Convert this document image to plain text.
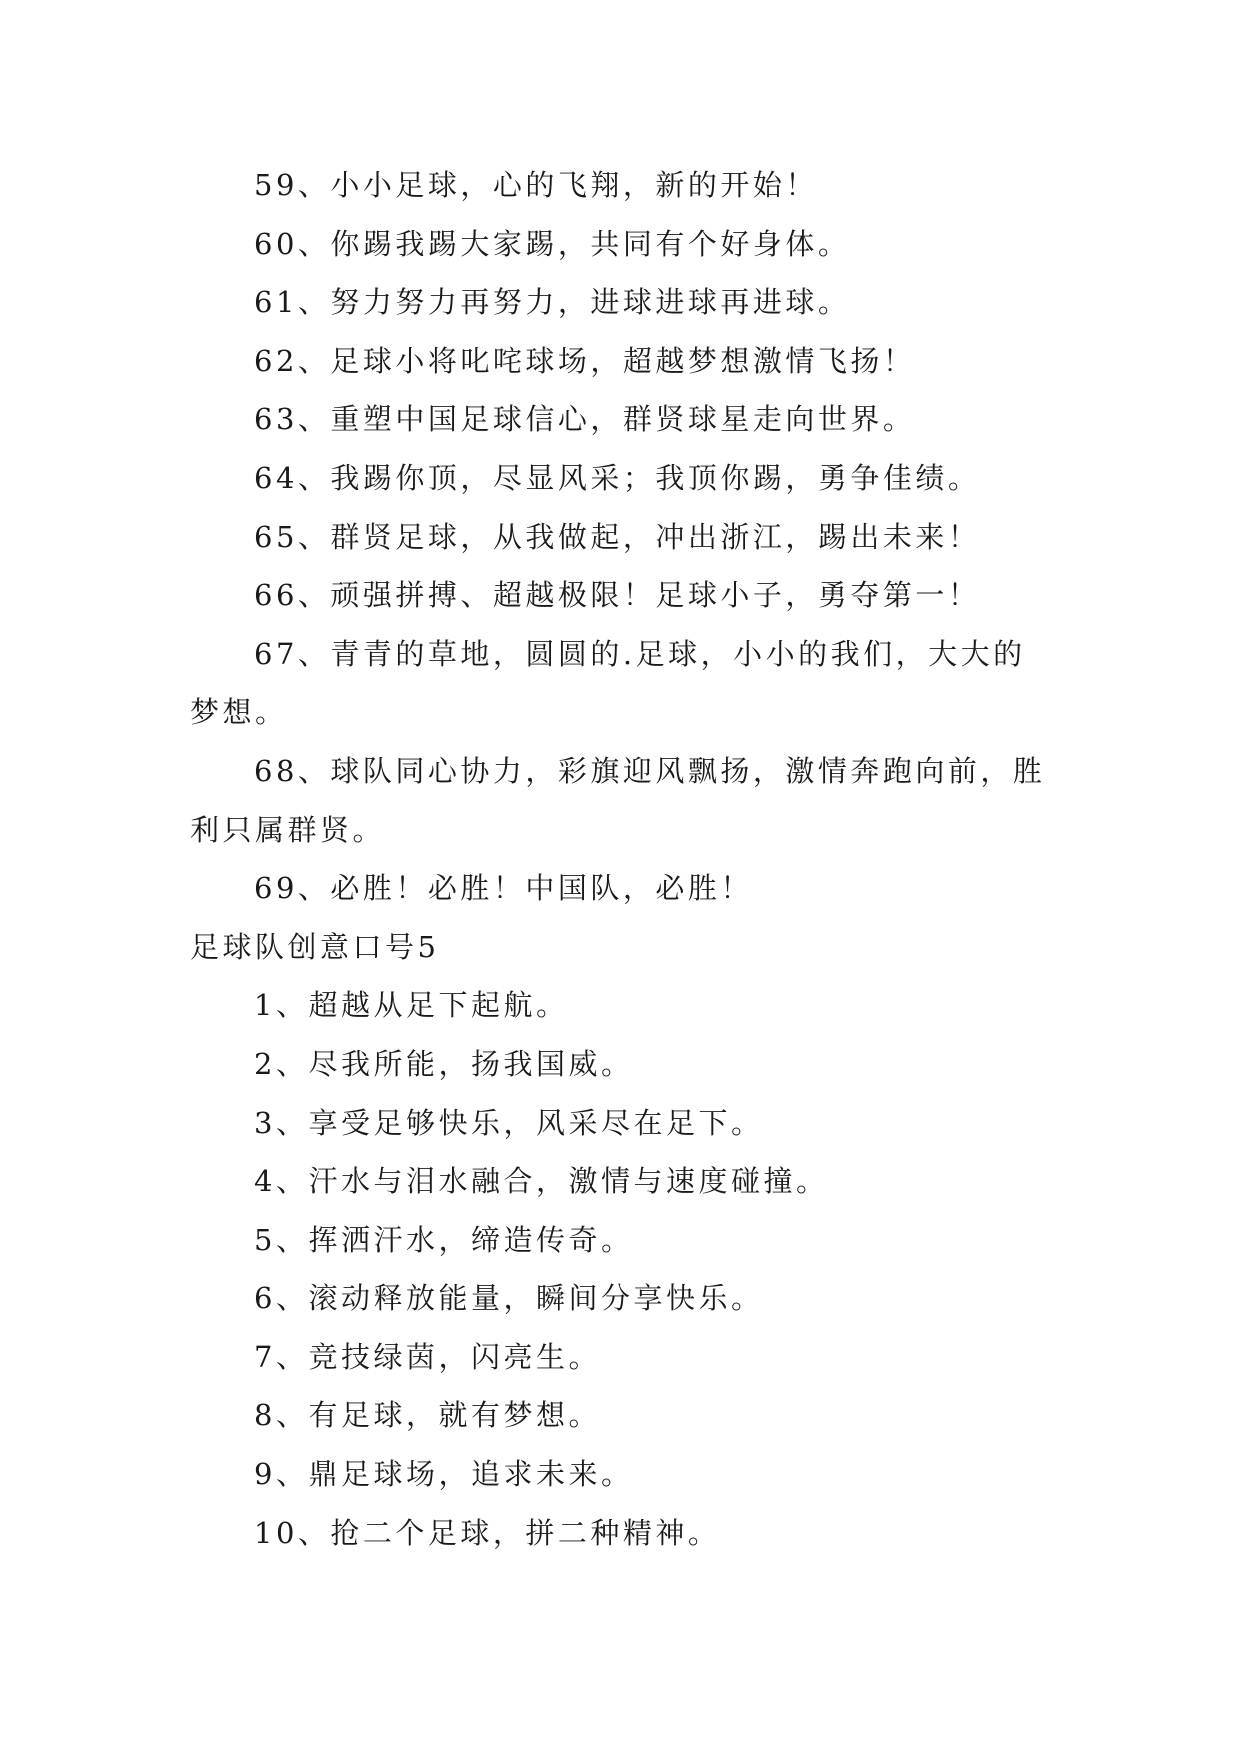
59、小小足球，心的飞翔，新的开始！
60、你踢我踢大家踢，共同有个好身体。
61、努力努力再努力，进球进球再进球。
62、足球小将叱咤球场，超越梦想激情飞扬！
63、重塑中国足球信心，群贤球星走向世界。
64、我踢你顶，尽显风采；我顶你踢，勇争佳绩。
65、群贤足球，从我做起，冲出浙江，踢出未来！
66、顽强拼搏、超越极限！足球小子，勇夺第一！
67、青青的草地，圆圆的.足球，小小的我们，大大的
梦想。
68、球队同心协力，彩旗迎风飘扬，激情奔跑向前，胜
利只属群贤。
69、必胜！必胜！中国队，必胜！
足球队创意口号5
1、超越从足下起航。
2、尽我所能，扬我国威。
3、享受足够快乐，风采尽在足下。
4、汗水与泪水融合，激情与速度碰撞。
5、挥洒汗水，缔造传奇。
6、滚动释放能量，瞬间分享快乐。
7、竞技绿茵，闪亮生。
8、有足球，就有梦想。
9、鼎足球场，追求未来。
10、抢二个足球，拼二种精神。
